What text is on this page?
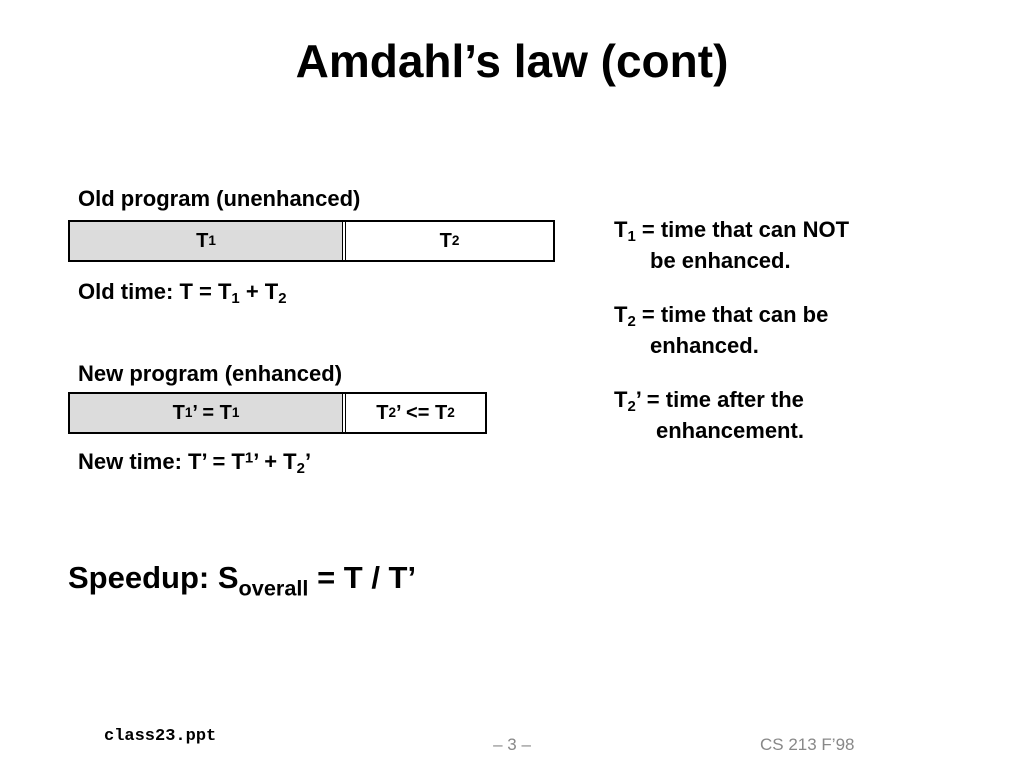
Amdahl’s law (cont)
Old program (unenhanced)
T 1	T 2
Old time: $T = T_1 + T_2$
New program (enhanced)
T 1 ’ = T 1	T 2 ’ <= T 2
New time: T’ = $T^1$’ + $T_2$’
$T_1$ = time that can NOT
be enhanced.
$T_2$ = time that can be
enhanced.
$T_2$’ = time after the
enhancement.
Speedup: $S_{overall} = T / T$’
class23.ppt	– 3 –	CS 213 F’98
